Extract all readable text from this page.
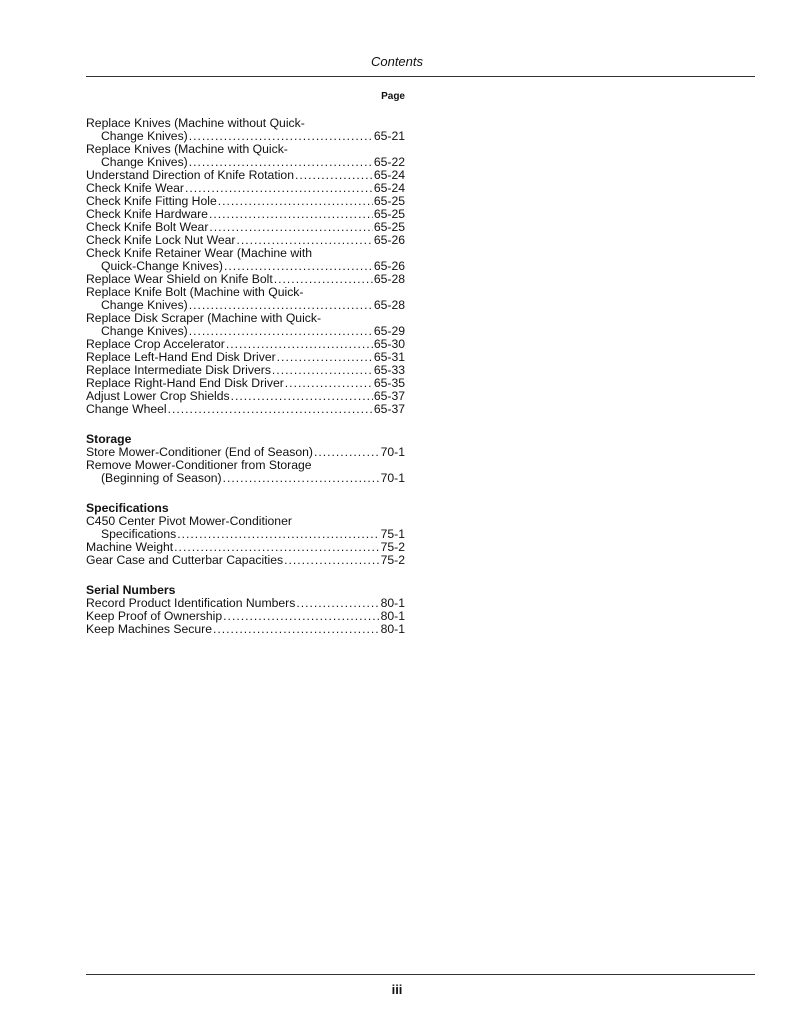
Contents
Page
Replace Knives (Machine without Quick-
Change Knives) .....	65-21
Replace Knives (Machine with Quick-
Change Knives) .....	65-22
Understand Direction of Knife Rotation .....	65-24
Check Knife Wear .....	65-24
Check Knife Fitting Hole .....	65-25
Check Knife Hardware .....	65-25
Check Knife Bolt Wear .....	65-25
Check Knife Lock Nut Wear .....	65-26
Check Knife Retainer Wear (Machine with
Quick-Change Knives) .....	65-26
Replace Wear Shield on Knife Bolt .....	65-28
Replace Knife Bolt (Machine with Quick-
Change Knives) .....	65-28
Replace Disk Scraper (Machine with Quick-
Change Knives) .....	65-29
Replace Crop Accelerator .....	65-30
Replace Left-Hand End Disk Driver .....	65-31
Replace Intermediate Disk Drivers .....	65-33
Replace Right-Hand End Disk Driver .....	65-35
Adjust Lower Crop Shields .....	65-37
Change Wheel .....	65-37
Storage
Store Mower-Conditioner (End of Season) .....	70-1
Remove Mower-Conditioner from Storage
(Beginning of Season) .....	70-1
Specifications
C450 Center Pivot Mower-Conditioner
Specifications .....	75-1
Machine Weight .....	75-2
Gear Case and Cutterbar Capacities .....	75-2
Serial Numbers
Record Product Identification Numbers .....	80-1
Keep Proof of Ownership .....	80-1
Keep Machines Secure .....	80-1
iii
